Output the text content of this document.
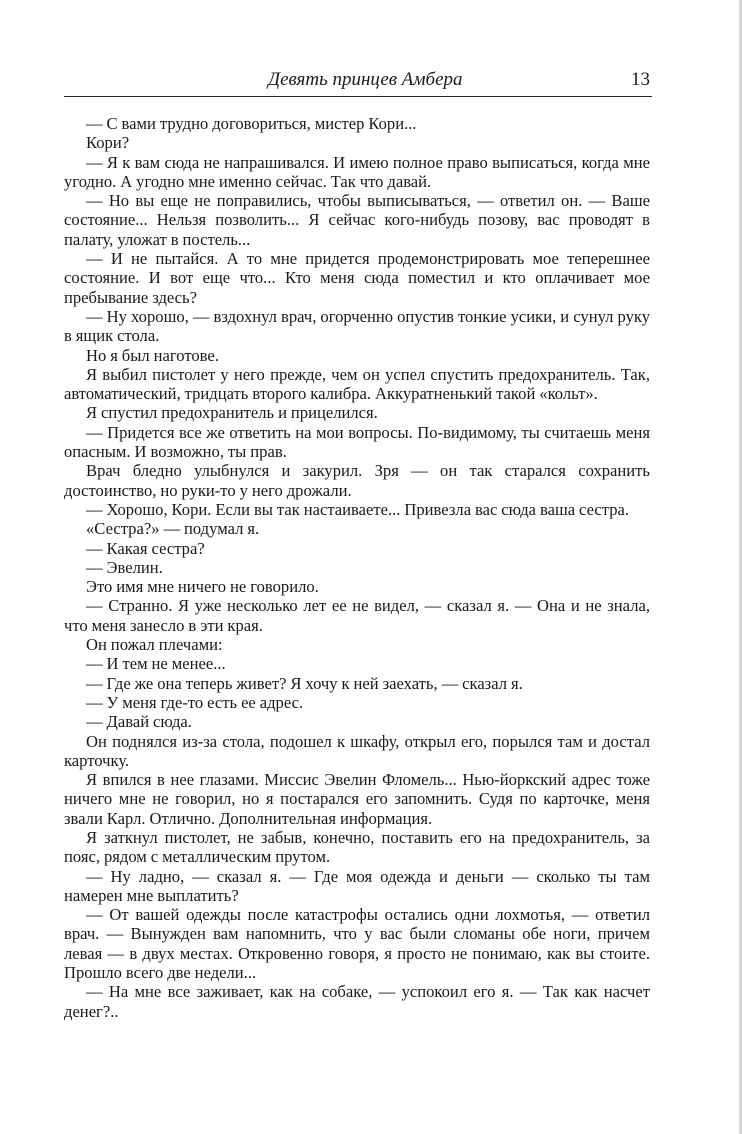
Девять принцев Амбера	13

— С вами трудно договориться, мистер Кори...

Кори?

— Я к вам сюда не напрашивался. И имею полное право выписаться, когда мне угодно. А угодно мне именно сейчас. Так что давай.

— Но вы еще не поправились, чтобы выписываться, — ответил он. — Ваше состояние... Нельзя позволить... Я сейчас кого-нибудь позову, вас проводят в палату, уложат в постель...

— И не пытайся. А то мне придется продемонстрировать мое теперешнее состояние. И вот еще что... Кто меня сюда поместил и кто оплачивает мое пребывание здесь?

— Ну хорошо, — вздохнул врач, огорченно опустив тонкие усики, и сунул руку в ящик стола.

Но я был наготове.

Я выбил пистолет у него прежде, чем он успел спустить предохранитель. Так, автоматический, тридцать второго калибра. Аккуратненький такой «кольт».

Я спустил предохранитель и прицелился.

— Придется все же ответить на мои вопросы. По-видимому, ты считаешь меня опасным. И возможно, ты прав.

Врач бледно улыбнулся и закурил. Зря — он так старался сохранить достоинство, но руки-то у него дрожали.

— Хорошо, Кори. Если вы так настаиваете... Привезла вас сюда ваша сестра.

«Сестра?» — подумал я.

— Какая сестра?

— Эвелин.

Это имя мне ничего не говорило.

— Странно. Я уже несколько лет ее не видел, — сказал я. — Она и не знала, что меня занесло в эти края.

Он пожал плечами:

— И тем не менее...

— Где же она теперь живет? Я хочу к ней заехать, — сказал я.

— У меня где-то есть ее адрес.

— Давай сюда.

Он поднялся из-за стола, подошел к шкафу, открыл его, порылся там и достал карточку.

Я впился в нее глазами. Миссис Эвелин Фломель... Нью-йоркский адрес тоже ничего мне не говорил, но я постарался его запомнить. Судя по карточке, меня звали Карл. Отлично. Дополнительная информация.

Я заткнул пистолет, не забыв, конечно, поставить его на предохранитель, за пояс, рядом с металлическим прутом.

— Ну ладно, — сказал я. — Где моя одежда и деньги — сколько ты там намерен мне выплатить?

— От вашей одежды после катастрофы остались одни лохмотья, — ответил врач. — Вынужден вам напомнить, что у вас были сломаны обе ноги, причем левая — в двух местах. Откровенно говоря, я просто не понимаю, как вы стоите. Прошло всего две недели...

— На мне все заживает, как на собаке, — успокоил его я. — Так как насчет денег?..
